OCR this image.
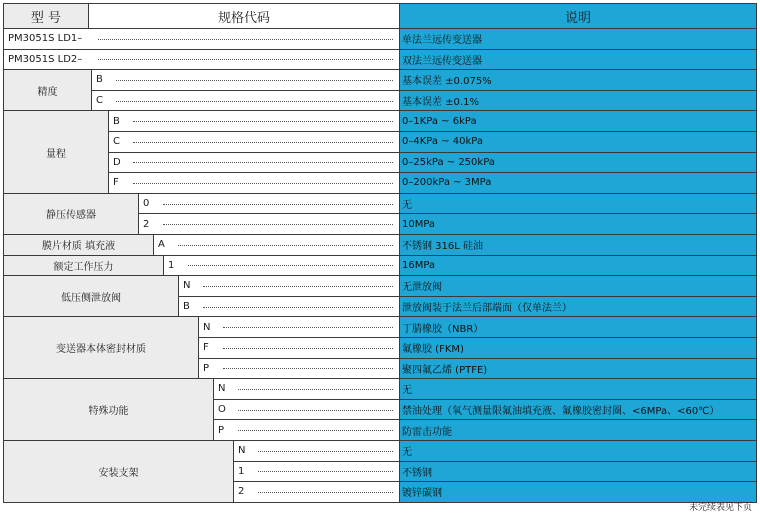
型 号	规格代码	说明
PM3051S LD1–	单法兰远传变送器
PM3051S LD2–	双法兰远传变送器
精度
B	基本误差 ±0.075%
C	基本误差 ±0.1%
量程
B	0–1KPa ~ 6kPa
C	0–4KPa ~ 40kPa
D	0–25kPa ~ 250kPa
F	0–200kPa ~ 3MPa
静压传感器
0	无
2	10MPa
膜片材质 填充液	A	不锈钢 316L 硅油
额定工作压力	1	16MPa
低压侧泄放阀
N	无泄放阀
B	泄放阀装于法兰后部端面（仅单法兰）
变送器本体密封材质
N	丁腈橡胶（NBR）
F	氟橡胶 (FKM)
P	聚四氟乙烯 (PTFE)
特殊功能
N	无
O	禁油处理（氧气测量限氟油填充液、氟橡胶密封圈、<6MPa、<60℃）
P	防雷击功能
安装支架
N	无
1	不锈钢
2	镀锌碳钢
未完续表见下页
